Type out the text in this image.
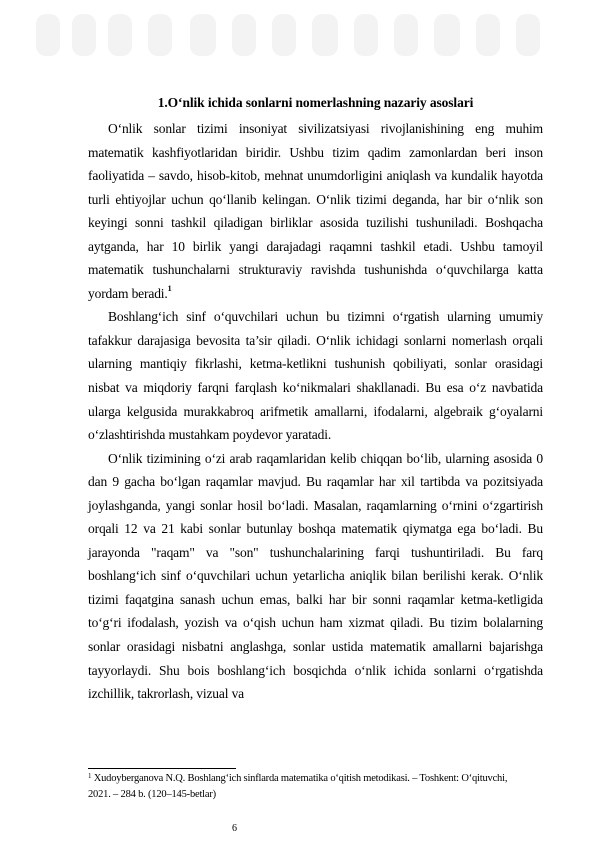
1.O‘nlik ichida sonlarni nomerlashning nazariy asoslari

O‘nlik sonlar tizimi insoniyat sivilizatsiyasi rivojlanishining eng muhim matematik kashfiyotlaridan biridir. Ushbu tizim qadim zamonlardan beri inson faoliyatida – savdo, hisob-kitob, mehnat unumdorligini aniqlash va kundalik hayotda turli ehtiyojlar uchun qo‘llanib kelingan. O‘nlik tizimi deganda, har bir o‘nlik son keyingi sonni tashkil qiladigan birliklar asosida tuzilishi tushuniladi. Boshqacha aytganda, har 10 birlik yangi darajadagi raqamni tashkil etadi. Ushbu tamoyil matematik tushunchalarni strukturaviy ravishda tushunishda o‘quvchilarga katta yordam beradi.$^1$

Boshlang‘ich sinf o‘quvchilari uchun bu tizimni o‘rgatish ularning umumiy tafakkur darajasiga bevosita ta’sir qiladi. O‘nlik ichidagi sonlarni nomerlash orqali ularning mantiqiy fikrlashi, ketma-ketlikni tushunish qobiliyati, sonlar orasidagi nisbat va miqdoriy farqni farqlash ko‘nikmalari shakllanadi. Bu esa o‘z navbatida ularga kelgusida murakkabroq arifmetik amallarni, ifodalarni, algebraik g‘oyalarni o‘zlashtirishda mustahkam poydevor yaratadi.

O‘nlik tizimining o‘zi arab raqamlaridan kelib chiqqan bo‘lib, ularning asosida 0 dan 9 gacha bo‘lgan raqamlar mavjud. Bu raqamlar har xil tartibda va pozitsiyada joylashganda, yangi sonlar hosil bo‘ladi. Masalan, raqamlarning o‘rnini o‘zgartirish orqali 12 va 21 kabi sonlar butunlay boshqa matematik qiymatga ega bo‘ladi. Bu jarayonda "raqam" va "son" tushunchalarining farqi tushuntiriladi. Bu farq boshlang‘ich sinf o‘quvchilari uchun yetarlicha aniqlik bilan berilishi kerak. O‘nlik tizimi faqatgina sanash uchun emas, balki har bir sonni raqamlar ketma-ketligida to‘g‘ri ifodalash, yozish va o‘qish uchun ham xizmat qiladi. Bu tizim bolalarning sonlar orasidagi nisbatni anglashga, sonlar ustida matematik amallarni bajarishga tayyorlaydi. Shu bois boshlang‘ich bosqichda o‘nlik ichida sonlarni o‘rgatishda izchillik, takrorlash, vizual va

$^1$ Xudoyberganova N.Q. Boshlang‘ich sinflarda matematika o‘qitish metodikasi. – Toshkent: O‘qituvchi, 2021. – 284 b. (120–145-betlar)
6
